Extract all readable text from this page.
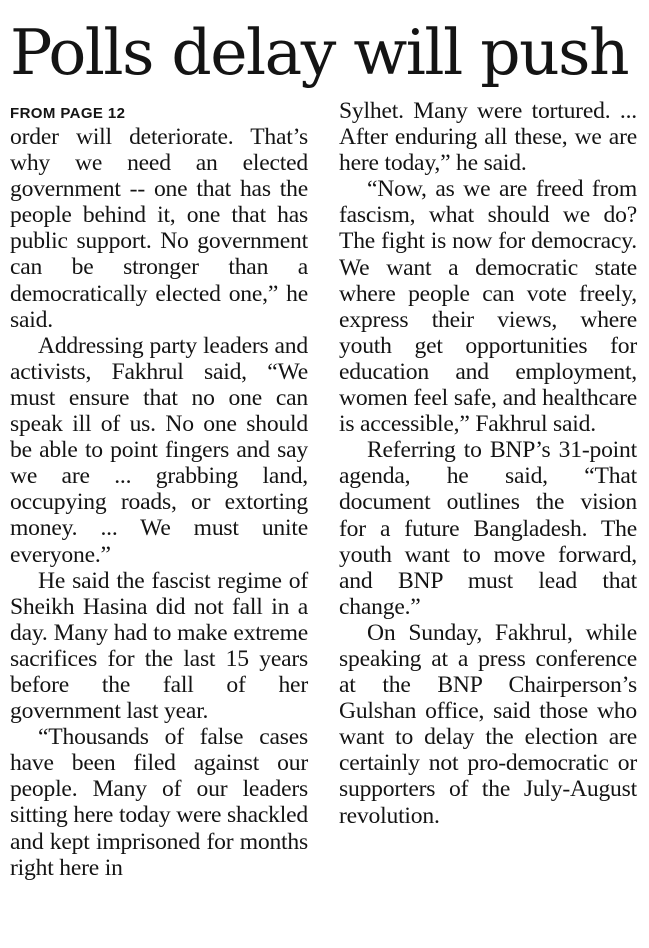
Polls delay will push
FROM PAGE 12

order will deteriorate. That’s why we need an elected government -- one that has the people behind it, one that has public support. No government can be stronger than a democratically elected one,” he said.

Addressing party leaders and activists, Fakhrul said, “We must ensure that no one can speak ill of us. No one should be able to point fingers and say we are ... grabbing land, occupying roads, or extorting money. ... We must unite everyone.”

He said the fascist regime of Sheikh Hasina did not fall in a day. Many had to make extreme sacrifices for the last 15 years before the fall of her government last year.

“Thousands of false cases have been filed against our people. Many of our leaders sitting here today were shackled and kept imprisoned for months right here in

Sylhet. Many were tortured. ... After enduring all these, we are here today,” he said.

“Now, as we are freed from fascism, what should we do? The fight is now for democracy. We want a democratic state where people can vote freely, express their views, where youth get opportunities for education and employment, women feel safe, and healthcare is accessible,” Fakhrul said.

Referring to BNP’s 31-point agenda, he said, “That document outlines the vision for a future Bangladesh. The youth want to move forward, and BNP must lead that change.”

On Sunday, Fakhrul, while speaking at a press conference at the BNP Chairperson’s Gulshan office, said those who want to delay the election are certainly not pro-democratic or supporters of the July-August revolution.
